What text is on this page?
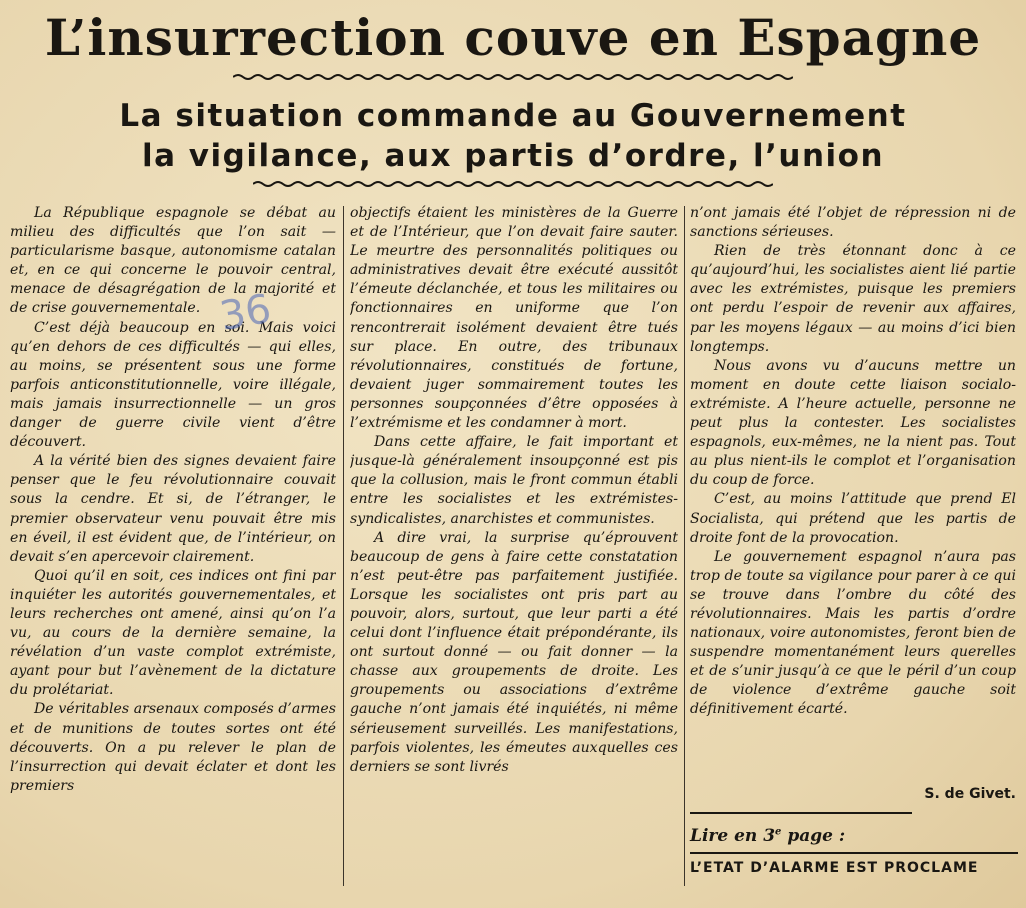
L’insurrection couve en Espagne
La situation commande au Gouvernement
la vigilance, aux partis d’ordre, l’union

La République espagnole se débat au milieu des difficultés que l’on sait — particularisme basque, autonomisme catalan et, en ce qui concerne le pouvoir central, menace de désagrégation de la majorité et de crise gouvernementale.

C’est déjà beaucoup en soi. Mais voici qu’en dehors de ces difficultés — qui elles, au moins, se présentent sous une forme parfois anticonstitutionnelle, voire illégale, mais jamais insurrectionnelle — un gros danger de guerre civile vient d’être découvert.

A la vérité bien des signes devaient faire penser que le feu révolutionnaire couvait sous la cendre. Et si, de l’étranger, le premier observateur venu pouvait être mis en éveil, il est évident que, de l’intérieur, on devait s’en apercevoir clairement.

Quoi qu’il en soit, ces indices ont fini par inquiéter les autorités gouvernementales, et leurs recherches ont amené, ainsi qu’on l’a vu, au cours de la dernière semaine, la révélation d’un vaste complot extrémiste, ayant pour but l’avènement de la dictature du prolétariat.

De véritables arsenaux composés d’armes et de munitions de toutes sortes ont été découverts. On a pu relever le plan de l’insurrection qui devait éclater et dont les premiers

objectifs étaient les ministères de la Guerre et de l’Intérieur, que l’on devait faire sauter. Le meurtre des personnalités politiques ou administratives devait être exécuté aussitôt l’émeute déclanchée, et tous les militaires ou fonctionnaires en uniforme que l’on rencontrerait isolément devaient être tués sur place. En outre, des tribunaux révolutionnaires, constitués de fortune, devaient juger sommairement toutes les personnes soupçonnées d’être opposées à l’extrémisme et les condamner à mort.

Dans cette affaire, le fait important et jusque-là généralement insoupçonné est pis que la collusion, mais le front commun établi entre les socialistes et les extrémistes-syndicalistes, anarchistes et communistes.

A dire vrai, la surprise qu’éprouvent beaucoup de gens à faire cette constatation n’est peut-être pas parfaitement justifiée. Lorsque les socialistes ont pris part au pouvoir, alors, surtout, que leur parti a été celui dont l’influence était prépondérante, ils ont surtout donné — ou fait donner — la chasse aux groupements de droite. Les groupements ou associations d’extrême gauche n’ont jamais été inquiétés, ni même sérieusement surveillés. Les manifestations, parfois violentes, les émeutes auxquelles ces derniers se sont livrés

n’ont jamais été l’objet de répression ni de sanctions sérieuses.

Rien de très étonnant donc à ce qu’aujourd’hui, les socialistes aient lié partie avec les extrémistes, puisque les premiers ont perdu l’espoir de revenir aux affaires, par les moyens légaux — au moins d’ici bien longtemps.

Nous avons vu d’aucuns mettre un moment en doute cette liaison socialo-extrémiste. A l’heure actuelle, personne ne peut plus la contester. Les socialistes espagnols, eux-mêmes, ne la nient pas. Tout au plus nient-ils le complot et l’organisation du coup de force.

C’est, au moins l’attitude que prend El Socialista, qui prétend que les partis de droite font de la provocation.

Le gouvernement espagnol n’aura pas trop de toute sa vigilance pour parer à ce qui se trouve dans l’ombre du côté des révolutionnaires. Mais les partis d’ordre nationaux, voire autonomistes, feront bien de suspendre momentanément leurs querelles et de s’unir jusqu’à ce que le péril d’un coup de violence d’extrême gauche soit définitivement écarté.

S. de Givet.
Lire en 3e page :
L’ETAT D’ALARME EST PROCLAME
36
